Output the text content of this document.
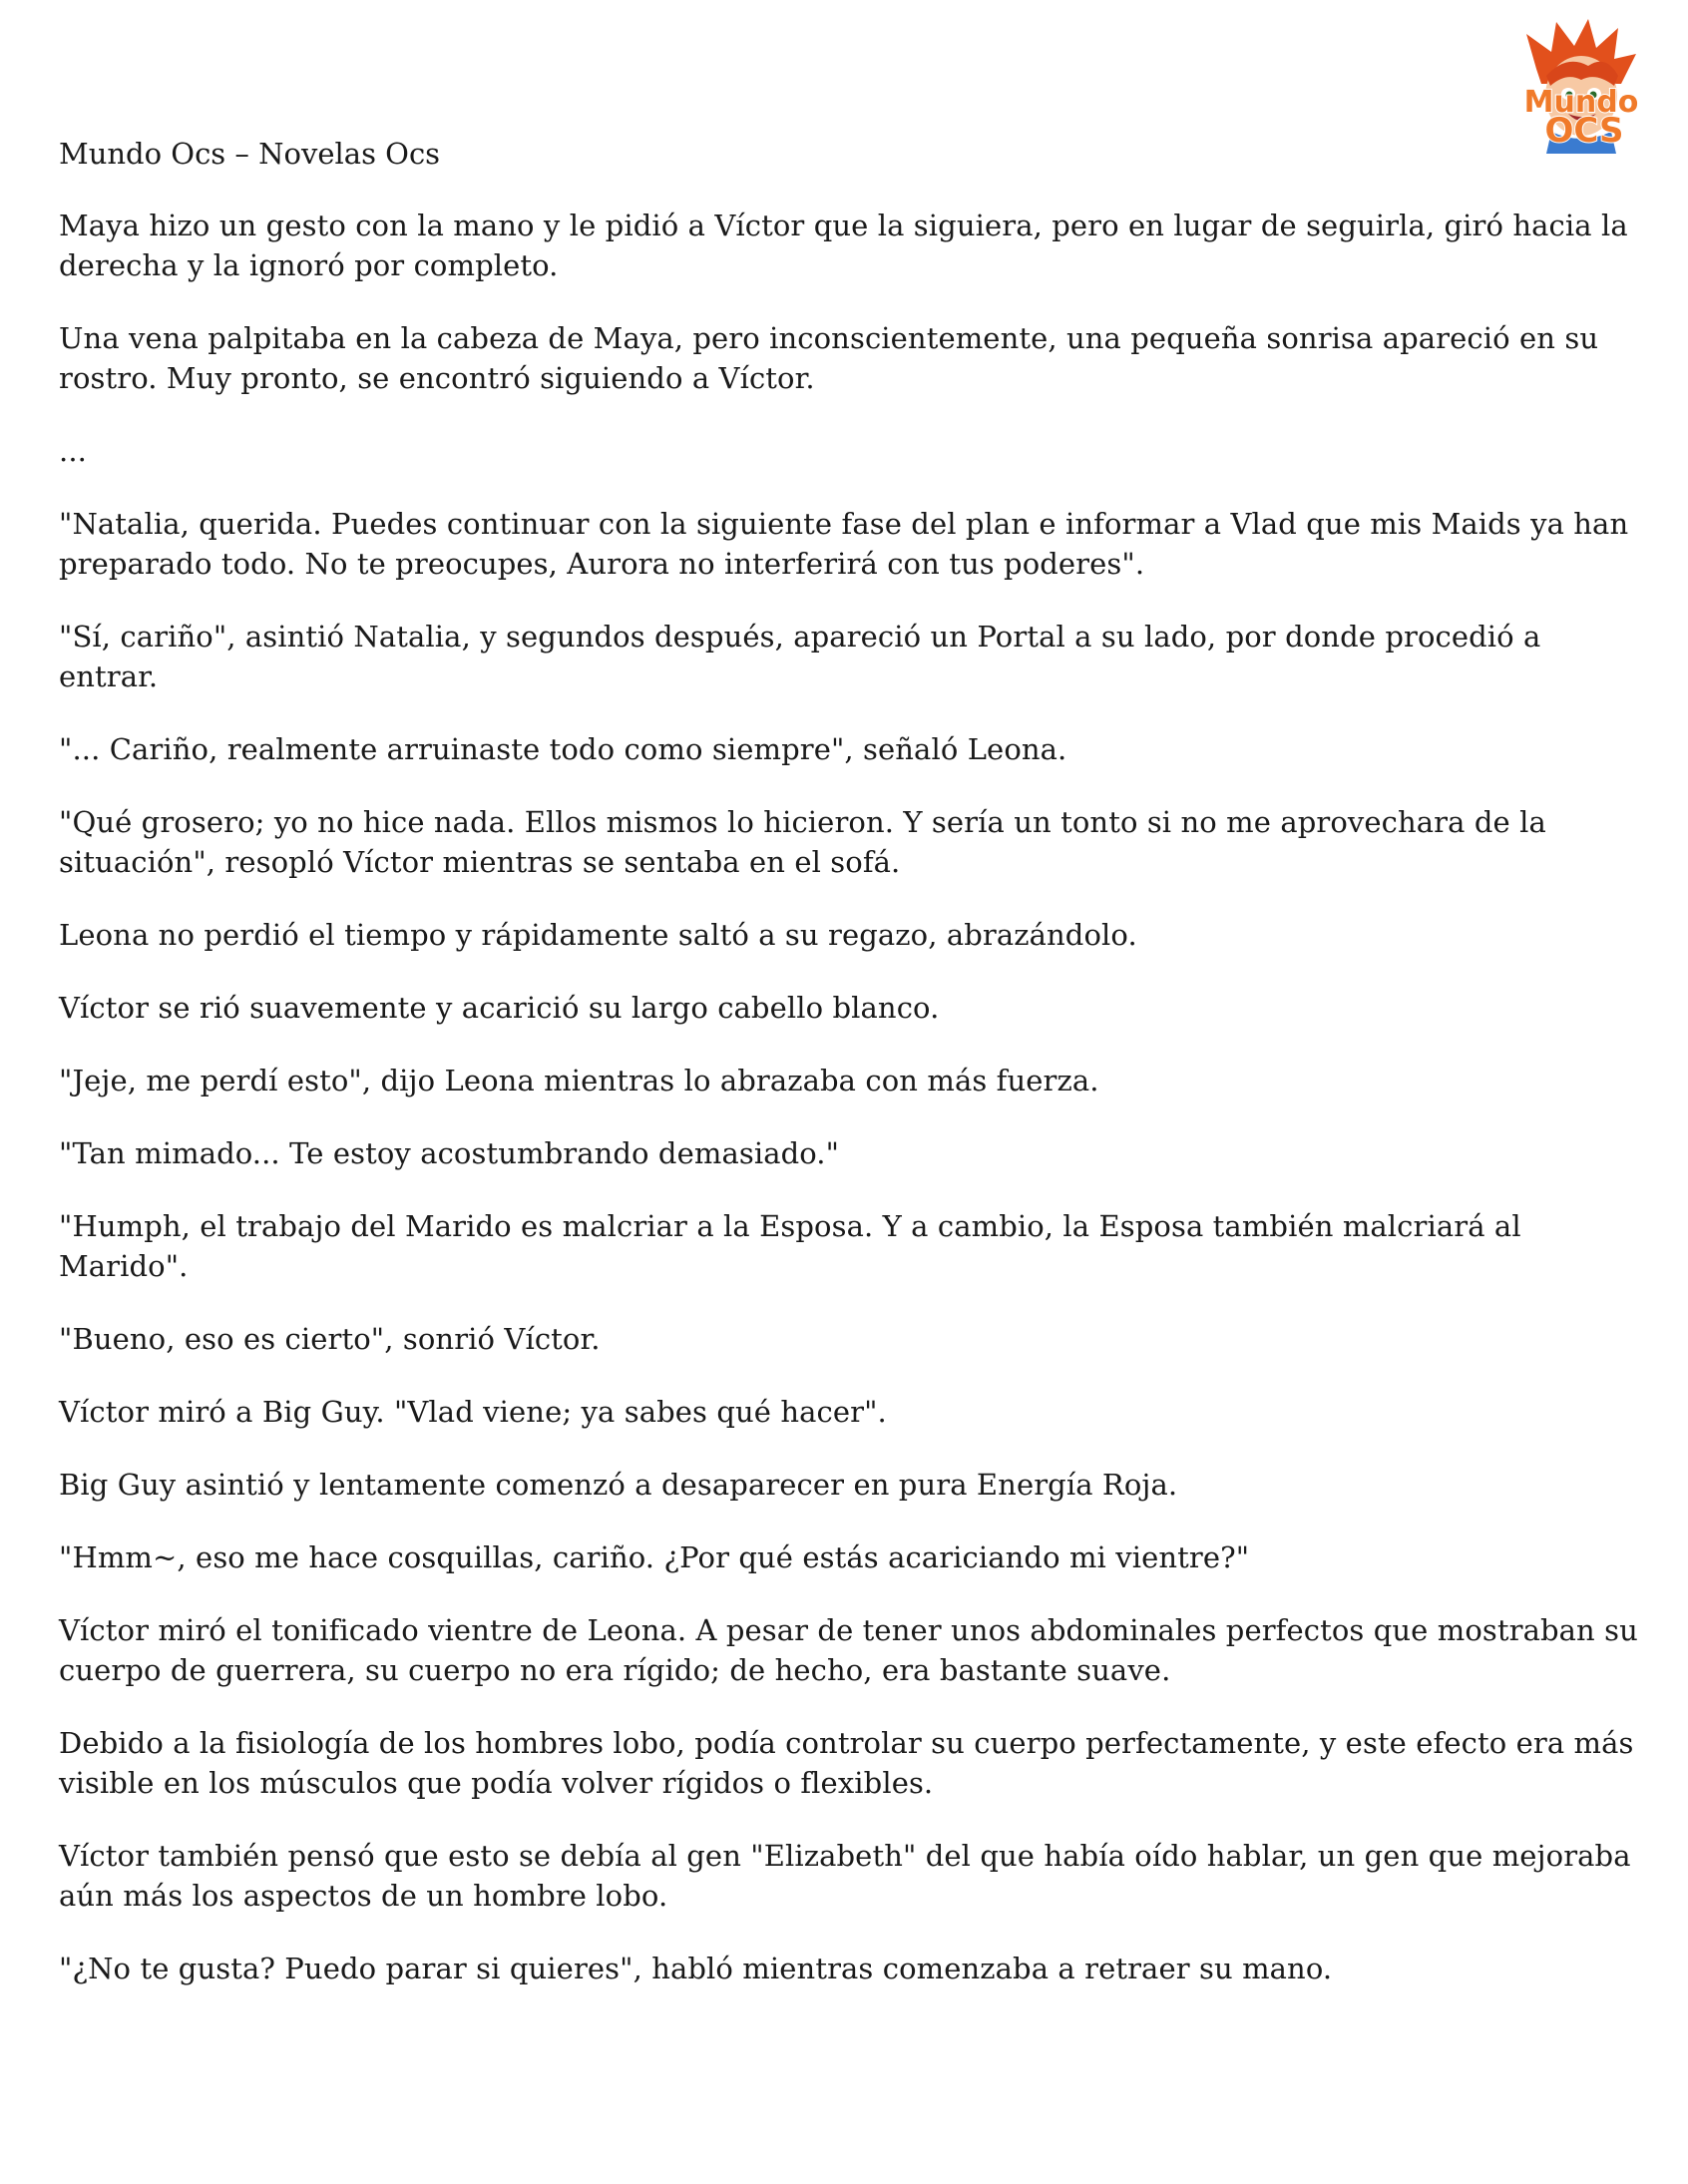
Mundo Ocs – Novelas Ocs

Mundo
OCS

Maya hizo un gesto con la mano y le pidió a Víctor que la siguiera, pero en lugar de seguirla, giró hacia la derecha y la ignoró por completo.

Una vena palpitaba en la cabeza de Maya, pero inconscientemente, una pequeña sonrisa apareció en su rostro. Muy pronto, se encontró siguiendo a Víctor.

...

"Natalia, querida. Puedes continuar con la siguiente fase del plan e informar a Vlad que mis Maids ya han preparado todo. No te preocupes, Aurora no interferirá con tus poderes".

"Sí, cariño", asintió Natalia, y segundos después, apareció un Portal a su lado, por donde procedió a entrar.

"... Cariño, realmente arruinaste todo como siempre", señaló Leona.

"Qué grosero; yo no hice nada. Ellos mismos lo hicieron. Y sería un tonto si no me aprovechara de la situación", resopló Víctor mientras se sentaba en el sofá.

Leona no perdió el tiempo y rápidamente saltó a su regazo, abrazándolo.

Víctor se rió suavemente y acarició su largo cabello blanco.

"Jeje, me perdí esto", dijo Leona mientras lo abrazaba con más fuerza.

"Tan mimado... Te estoy acostumbrando demasiado."

"Humph, el trabajo del Marido es malcriar a la Esposa. Y a cambio, la Esposa también malcriará al Marido".

"Bueno, eso es cierto", sonrió Víctor.

Víctor miró a Big Guy. "Vlad viene; ya sabes qué hacer".

Big Guy asintió y lentamente comenzó a desaparecer en pura Energía Roja.

"Hmm~, eso me hace cosquillas, cariño. ¿Por qué estás acariciando mi vientre?"

Víctor miró el tonificado vientre de Leona. A pesar de tener unos abdominales perfectos que mostraban su cuerpo de guerrera, su cuerpo no era rígido; de hecho, era bastante suave.

Debido a la fisiología de los hombres lobo, podía controlar su cuerpo perfectamente, y este efecto era más visible en los músculos que podía volver rígidos o flexibles.

Víctor también pensó que esto se debía al gen "Elizabeth" del que había oído hablar, un gen que mejoraba aún más los aspectos de un hombre lobo.

"¿No te gusta? Puedo parar si quieres", habló mientras comenzaba a retraer su mano.
